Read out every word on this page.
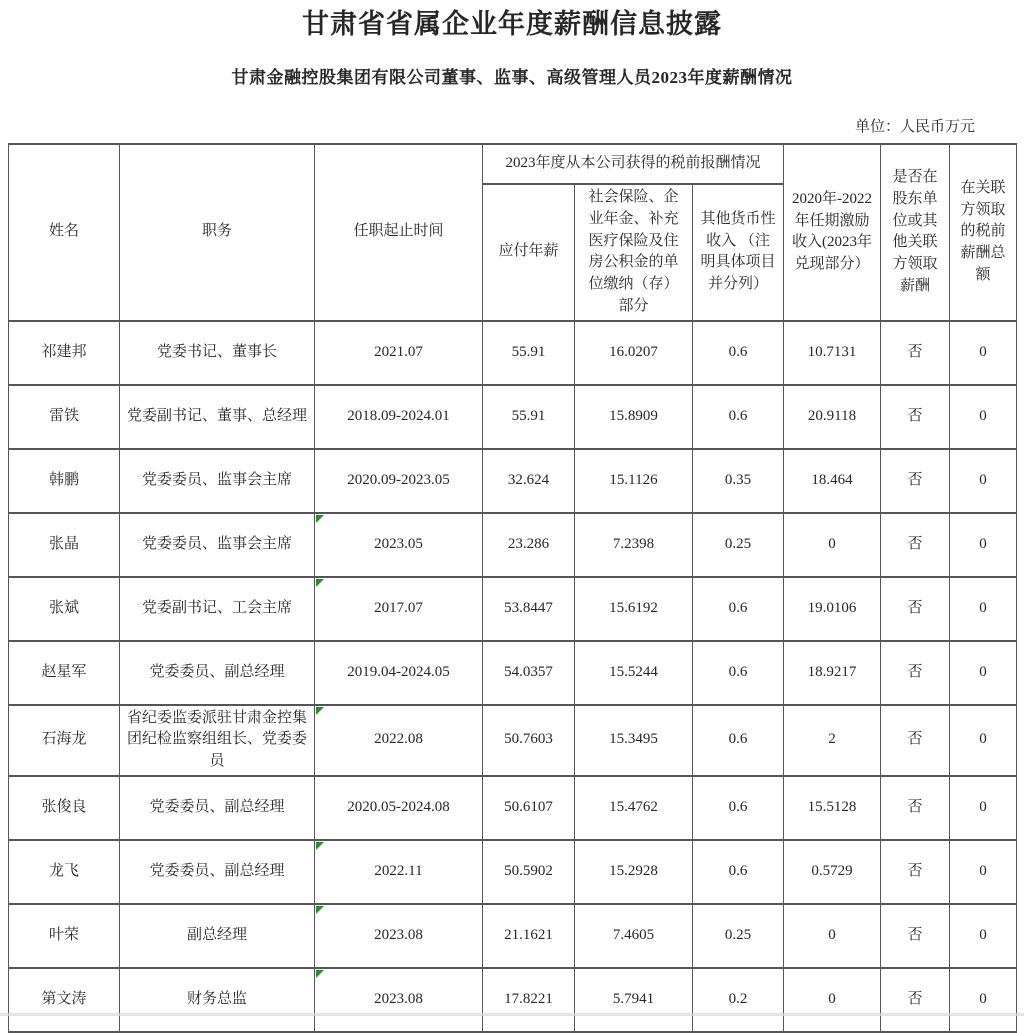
甘肃省省属企业年度薪酬信息披露
甘肃金融控股集团有限公司董事、监事、高级管理人员2023年度薪酬情况
单位：人民币万元
姓名	职务	任职起止时间	2023年度从本公司获得的税前报酬情况			2020年-2022年任期激励收入(2023年兑现部分）	是否在股东单位或其他关联方领取薪酬	在关联方领取的税前薪酬总额
			应付年薪	社会保险、企业年金、补充医疗保险及住房公积金的单位缴纳（存）部分	其他货币性收入 （注明具体项目并分列）			
祁建邦	党委书记、董事长	2021.07	55.91	16.0207	0.6	10.7131	否	0
雷铁	党委副书记、董事、总经理	2018.09-2024.01	55.91	15.8909	0.6	20.9118	否	0
韩鹏	党委委员、监事会主席	2020.09-2023.05	32.624	15.1126	0.35	18.464	否	0
张晶	党委委员、监事会主席	2023.05	23.286	7.2398	0.25	0	否	0
张斌	党委副书记、工会主席	2017.07	53.8447	15.6192	0.6	19.0106	否	0
赵星军	党委委员、副总经理	2019.04-2024.05	54.0357	15.5244	0.6	18.9217	否	0
石海龙	省纪委监委派驻甘肃金控集团纪检监察组组长、党委委员	2022.08	50.7603	15.3495	0.6	2	否	0
张俊良	党委委员、副总经理	2020.05-2024.08	50.6107	15.4762	0.6	15.5128	否	0
龙飞	党委委员、副总经理	2022.11	50.5902	15.2928	0.6	0.5729	否	0
叶荣	副总经理	2023.08	21.1621	7.4605	0.25	0	否	0
第文涛	财务总监	2023.08	17.8221	5.7941	0.2	0	否	0
